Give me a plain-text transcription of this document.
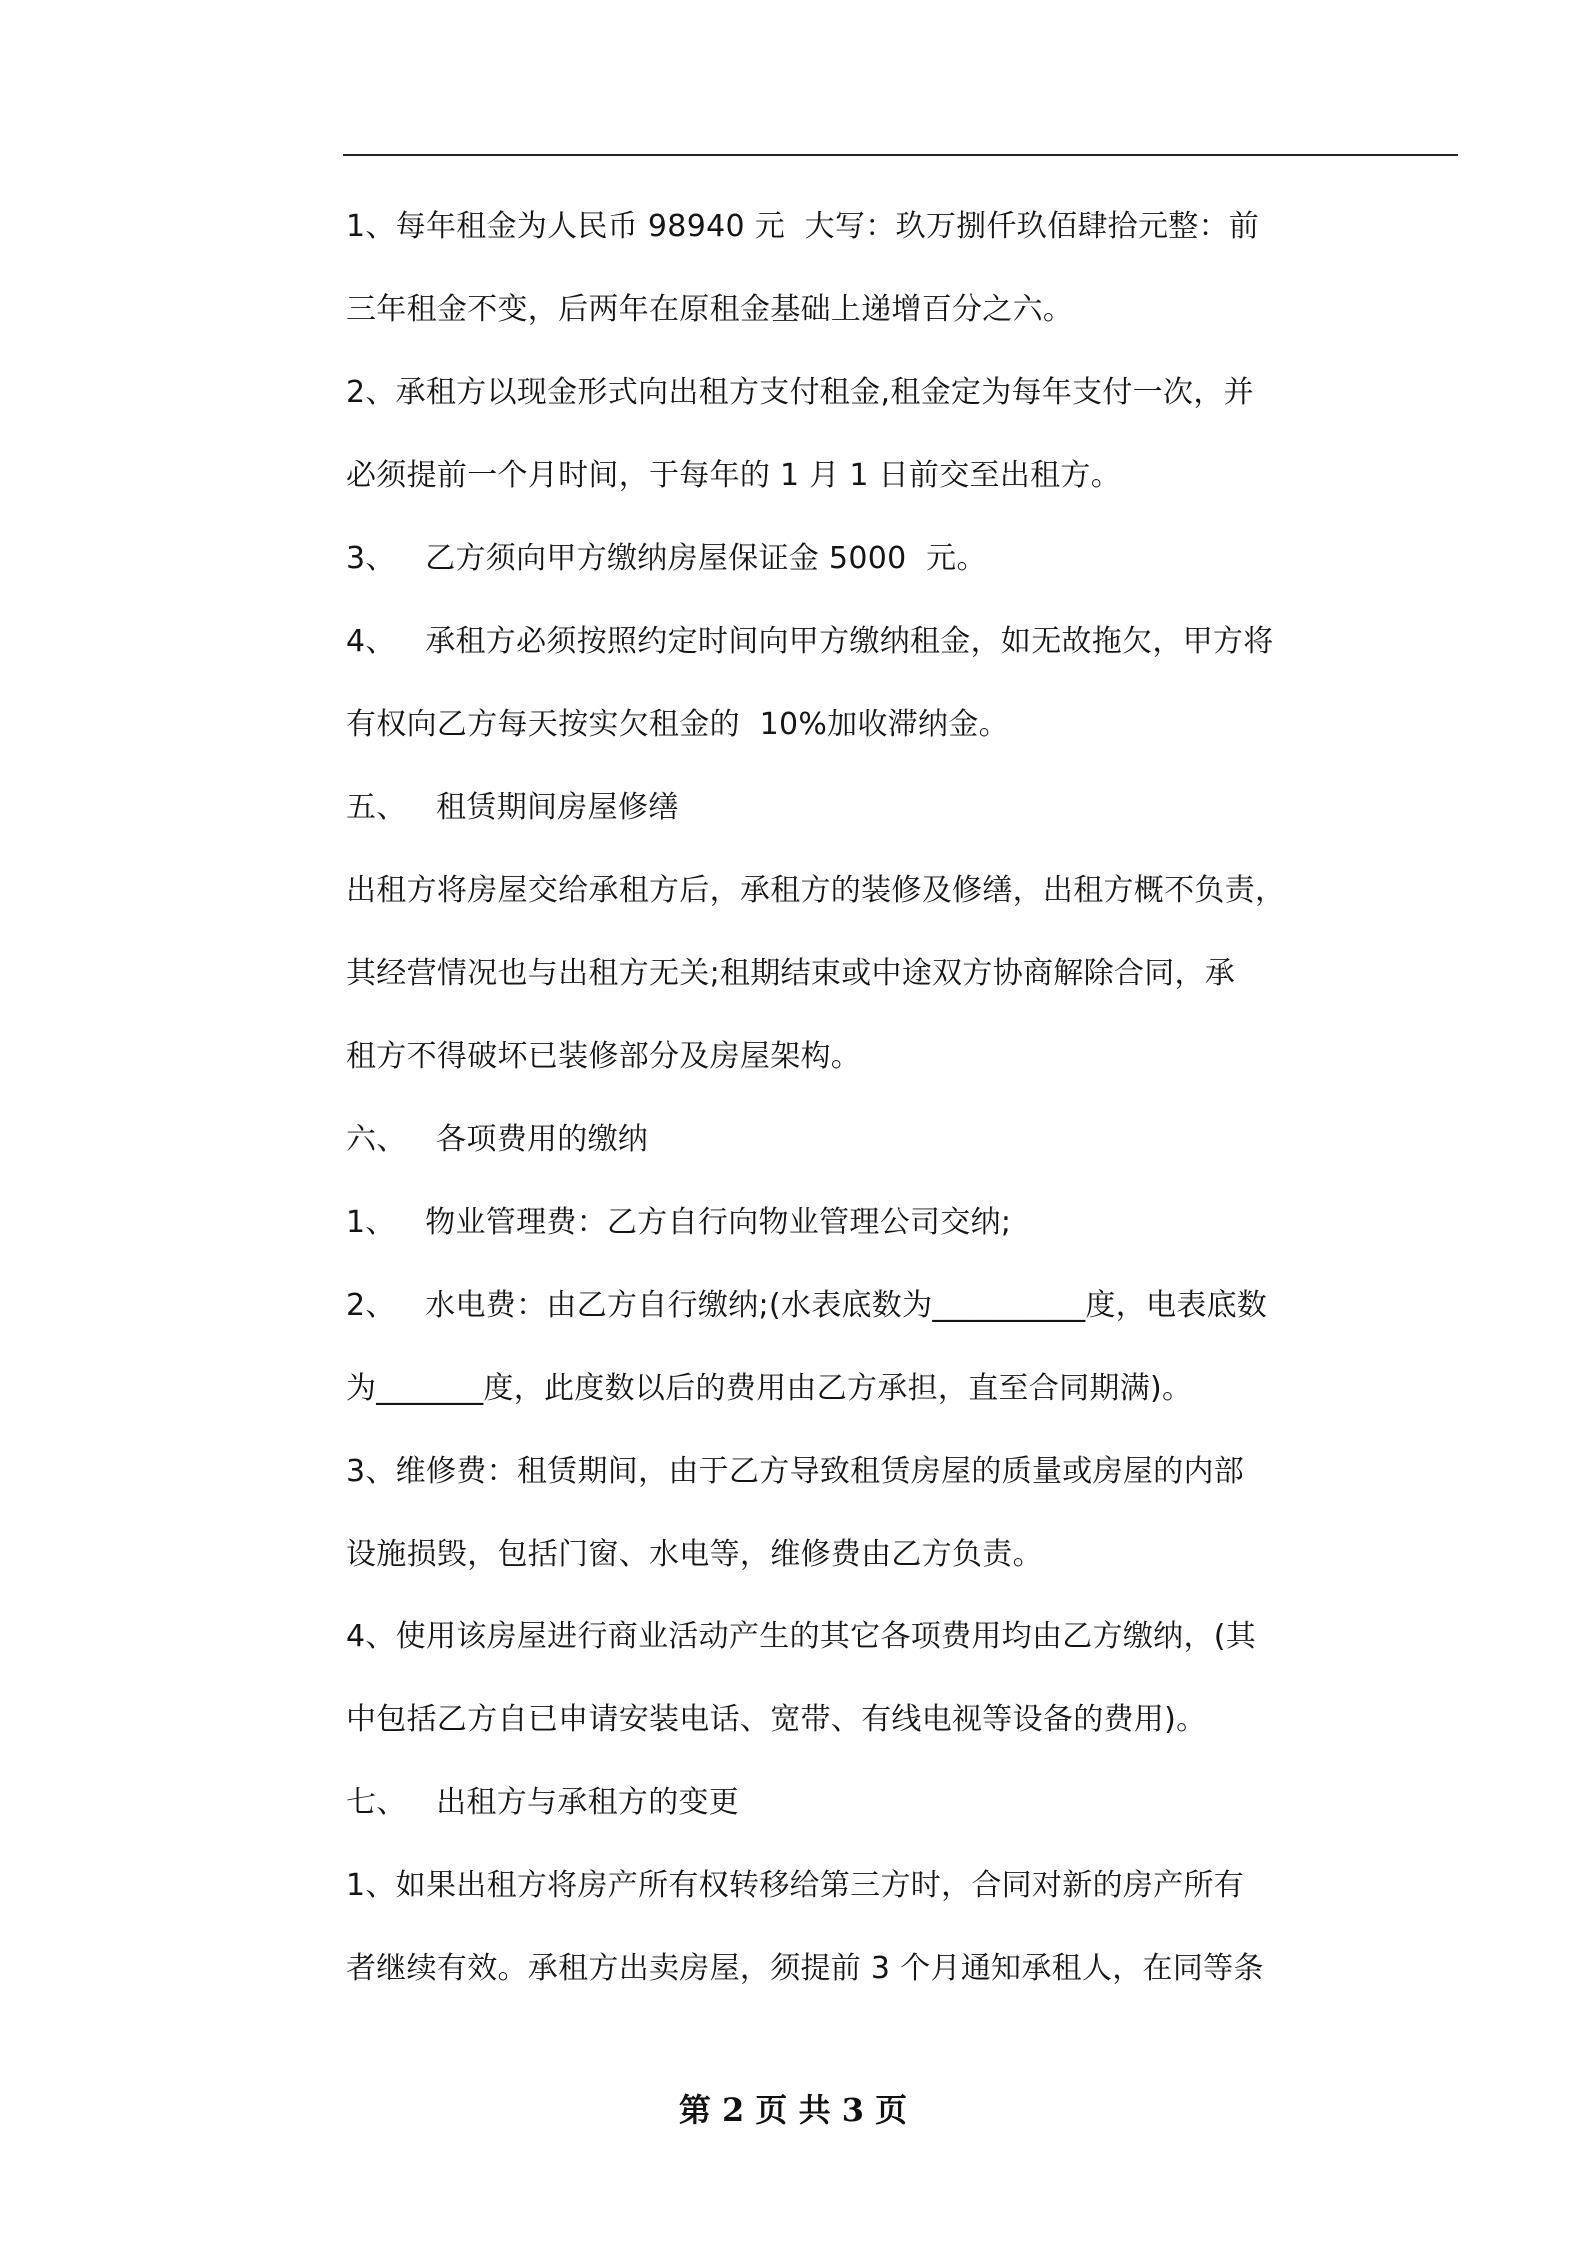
1、每年租金为人民币 98940 元  大写：玖万捌仟玖佰肆拾元整：前
三年租金不变，后两年在原租金基础上递增百分之六。
2、承租方以现金形式向出租方支付租金,租金定为每年支付一次，并
必须提前一个月时间，于每年的 1 月 1 日前交至出租方。
3、   乙方须向甲方缴纳房屋保证金 5000  元。
4、   承租方必须按照约定时间向甲方缴纳租金，如无故拖欠，甲方将
有权向乙方每天按实欠租金的  10%加收滞纳金。
五、   租赁期间房屋修缮
出租方将房屋交给承租方后，承租方的装修及修缮，出租方概不负责，
其经营情况也与出租方无关;租期结束或中途双方协商解除合同，承
租方不得破坏已装修部分及房屋架构。
六、   各项费用的缴纳
1、   物业管理费：乙方自行向物业管理公司交纳;
2、   水电费：由乙方自行缴纳;(水表底数为__________度，电表底数
为_______度，此度数以后的费用由乙方承担，直至合同期满)。
3、维修费：租赁期间，由于乙方导致租赁房屋的质量或房屋的内部
设施损毁，包括门窗、水电等，维修费由乙方负责。
4、使用该房屋进行商业活动产生的其它各项费用均由乙方缴纳，(其
中包括乙方自已申请安装电话、宽带、有线电视等设备的费用)。
七、   出租方与承租方的变更
1、如果出租方将房产所有权转移给第三方时，合同对新的房产所有
者继续有效。承租方出卖房屋，须提前 3 个月通知承租人，在同等条
第 2 页 共 3 页
